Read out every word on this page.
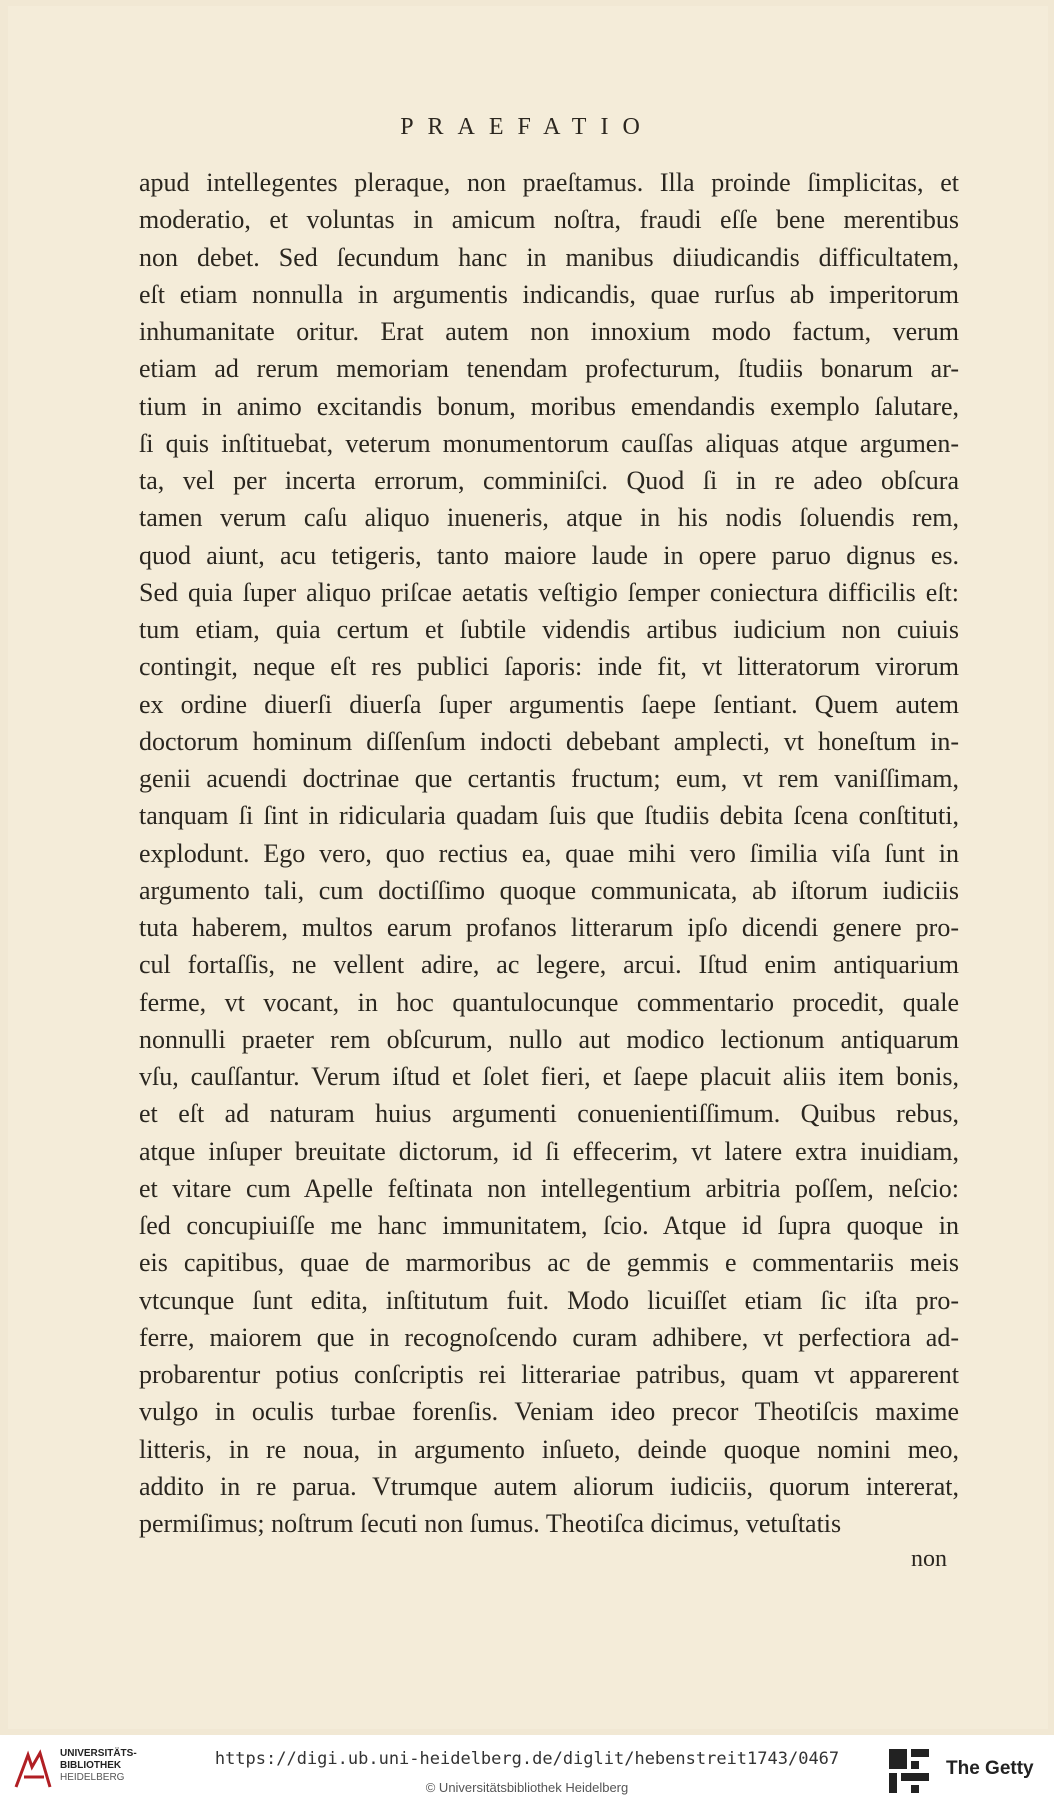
PRAEFATIO
apud intellegentes pleraque, non praeſtamus. Illa proinde ſimplicitas, et
moderatio, et voluntas in amicum noſtra, fraudi eſſe bene merentibus
non debet. Sed ſecundum hanc in manibus diiudicandis difficultatem,
eſt etiam nonnulla in argumentis indicandis, quae rurſus ab imperitorum
inhumanitate oritur. Erat autem non innoxium modo factum, verum
etiam ad rerum memoriam tenendam profecturum, ſtudiis bonarum ar-
tium in animo excitandis bonum, moribus emendandis exemplo ſalutare,
ſi quis inſtituebat, veterum monumentorum cauſſas aliquas atque argumen-
ta, vel per incerta errorum, comminiſci. Quod ſi in re adeo obſcura
tamen verum caſu aliquo inueneris, atque in his nodis ſoluendis rem,
quod aiunt, acu tetigeris, tanto maiore laude in opere paruo dignus es.
Sed quia ſuper aliquo priſcae aetatis veſtigio ſemper coniectura difficilis eſt:
tum etiam, quia certum et ſubtile videndis artibus iudicium non cuiuis
contingit, neque eſt res publici ſaporis: inde fit, vt litteratorum virorum
ex ordine diuerſi diuerſa ſuper argumentis ſaepe ſentiant. Quem autem
doctorum hominum diſſenſum indocti debebant amplecti, vt honeſtum in-
genii acuendi doctrinae que certantis fructum; eum, vt rem vaniſſimam,
tanquam ſi ſint in ridicularia quadam ſuis que ſtudiis debita ſcena conſtituti,
explodunt. Ego vero, quo rectius ea, quae mihi vero ſimilia viſa ſunt in
argumento tali, cum doctiſſimo quoque communicata, ab iſtorum iudiciis
tuta haberem, multos earum profanos litterarum ipſo dicendi genere pro-
cul fortaſſis, ne vellent adire, ac legere, arcui. Iſtud enim antiquarium
ferme, vt vocant, in hoc quantulocunque commentario procedit, quale
nonnulli praeter rem obſcurum, nullo aut modico lectionum antiquarum
vſu, cauſſantur. Verum iſtud et ſolet fieri, et ſaepe placuit aliis item bonis,
et eſt ad naturam huius argumenti conuenientiſſimum. Quibus rebus,
atque inſuper breuitate dictorum, id ſi effecerim, vt latere extra inuidiam,
et vitare cum Apelle feſtinata non intellegentium arbitria poſſem, neſcio:
ſed concupiuiſſe me hanc immunitatem, ſcio. Atque id ſupra quoque in
eis capitibus, quae de marmoribus ac de gemmis e commentariis meis
vtcunque ſunt edita, inſtitutum fuit. Modo licuiſſet etiam ſic iſta pro-
ferre, maiorem que in recognoſcendo curam adhibere, vt perfectiora ad-
probarentur potius conſcriptis rei litterariae patribus, quam vt apparerent
vulgo in oculis turbae forenſis. Veniam ideo precor Theotiſcis maxime
litteris, in re noua, in argumento inſueto, deinde quoque nomini meo,
addito in re parua. Vtrumque autem aliorum iudiciis, quorum intererat,
permiſimus; noſtrum ſecuti non ſumus. Theotiſca dicimus, vetuſtatis
non
UNIVERSITÄTS-
BIBLIOTHEK
HEIDELBERG
https://digi.ub.uni-heidelberg.de/diglit/hebenstreit1743/0467
© Universitätsbibliothek Heidelberg
The Getty
